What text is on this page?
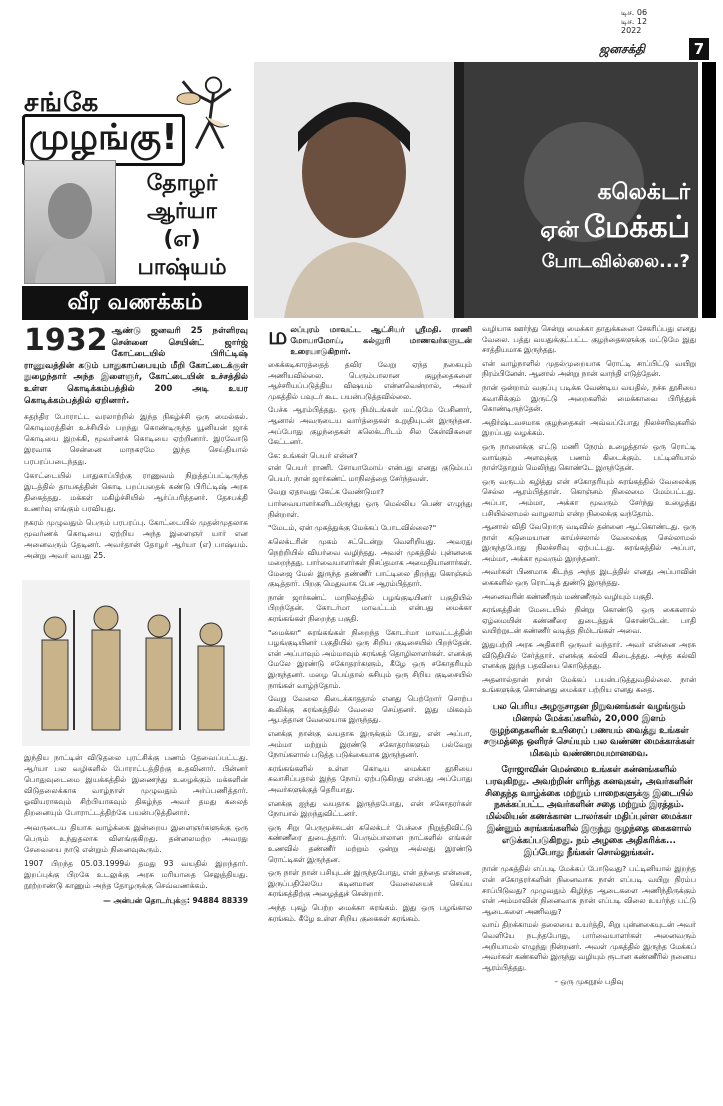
டிச. 06
டிச. 12
2022
ஜனசக்தி	7
சங்கே
முழங்கு!
தோழர்
ஆர்யா
(எ)
பாஷ்யம்
வீர வணக்கம்
1932 ஆண்டு ஜனவரி 25 நள்ளிரவு சென்னை செயின்ட் ஜார்ஜ் கோட்டையில் பிரிட்டிஷ் ராணுவத்தின் கடும் பாதுகாப்பையும் மீறி கோட்டைக்குள் நுழைந்தார் அந்த இளைஞர், கோட்டையின் உச்சத்தில் உள்ள கொடிக்கம்பத்தில் 200 அடி உயர கொடிக்கம்பத்தில் ஏறினார்.

சுதந்திர போராட்ட வரலாற்றில் இந்த நிகழ்ச்சி ஒரு மைல்கல். கொடிமரத்தின் உச்சியில் பறந்து கொண்டிருந்த யூனியன் ஜாக் கொடியை இறக்கி, மூவர்ணக் கொடியை ஏற்றினார். இரவோடு இரவாக சென்னை மாநகரமே இந்த செய்தியால் பரபரப்படைந்தது.

கோட்டையில் பாதுகாப்பிற்கு ராணுவம் நிறுத்தப்பட்டிருந்த இடத்தில் தாயகத்தின் கொடி பறப்பதைக் கண்டு பிரிட்டிஷ் அரசு திகைத்தது. மக்கள் மகிழ்ச்சியில் ஆர்ப்பரித்தனர். தேசபக்தி உணர்வு எங்கும் பரவியது.

நகரம் முழுவதும் பெரும் பரபரப்பு. கோட்டையில் முதன்முதலாக மூவர்ணக் கொடியை ஏற்றிய அந்த இளைஞர் யார் என அனைவரும் தேடினர். அவர்தான் தோழர் ஆர்யா (எ) பாஷ்யம். அன்று அவர் வயது 25.

இந்திய நாட்டின் விடுதலை புரட்சிக்கு பணம் தேவைப்பட்டது. ஆர்யா பல வழிகளில் போராட்டத்திற்கு உதவினார். பின்னர் பொதுவுடைமை இயக்கத்தில் இணைந்து உழைக்கும் மக்களின் விடுதலைக்காக வாழ்நாள் முழுவதும் அர்ப்பணித்தார். ஓவியராகவும் சிற்பியாகவும் திகழ்ந்த அவர் தமது கலைத் திறனையும் போராட்டத்திற்கே பயன்படுத்தினார்.

அவருடைய தியாக வாழ்க்கை இன்றைய இளைஞர்களுக்கு ஒரு பெரும் உந்துதலாக விளங்குகிறது. தன்னலமற்ற அவரது சேவையை நாடு என்றும் நினைவுகூரும்.

1907 பிறந்த 05.03.1999ல் தமது 93 வயதில் இறந்தார். இறப்புக்கு பிறகே உடலுக்கு அரசு மரியாதை செலுத்தியது. நூற்றாண்டு காணும் அந்த தோழருக்கு செவ்வணக்கம்.

— அன்பன் தொடர்புக்கு: 94884 88339

கலெக்டர்
ஏன் மேக்கப்
போடவில்லை...?

ம லப்புரம் மாவட்ட ஆட்சியர் ஸ்ரீமதி. ராணி மோயாமோய், கல்லூரி மாணவர்களுடன் உரையாடுகிறார்.

கைக்கடிகாரத்தைத் தவிர வேறு ஏந்த நகையும் அணியவில்லை. பெரும்பாலான குழந்தைகளை ஆச்சரியப்படுத்திய விஷயம் என்னவென்றால், அவர் முகத்தில் பவுடர் கூட பயன்படுத்தவில்லை.

பேச்சு ஆரம்பித்தது. ஒரு நிமிடங்கள் மட்டுமே பேசினார், ஆனால் அவருடைய வார்த்தைகள் உறுதியுடன் இருந்தன. அப்போது குழந்தைகள் கலெக்டரிடம் சில கேள்விகளை கேட்டனர்.

கே: உங்கள் பெயர் என்ன?

என் பெயர் ராணி. சோயாமோய் என்பது எனது குடும்பப் பெயர். நான் ஜார்கண்ட் மாநிலத்தை சேர்ந்தவள்.

வேறு ஏதாவது கேட்க வேண்டுமா?

பார்வையாளர்களிடமிருந்து ஒரு மெல்லிய பெண் எழுந்து நின்றாள்.

"மேடம், ஏன் முகத்துக்கு மேக்கப் போடவில்லை?"

கலெக்டரின் முகம் சட்டென்று வெளிறியது. அவரது நெற்றியில் வியர்வை வழிந்தது. அவள் முகத்தில் புன்னகை மறைந்தது. பார்வையாளர்கள் நிசப்தமாக அமைதியானார்கள். மேஜை மேல் இருந்த தண்ணீர் பாட்டிலை திறந்து கொஞ்சம் குடித்தார். பிறகு மெதுவாக பேச ஆரம்பித்தார்.

நான் ஜார்கண்ட் மாநிலத்தில் பழங்குடியினர் பகுதியில் பிறந்தேன். கோடர்மா மாவட்டம் என்பது மைக்கா சுரங்கங்கள் நிறைந்த பகுதி.

"மைக்கா" சுரங்கங்கள் நிறைந்த கோடர்மா மாவட்டத்தின் பழங்குடியினர் பகுதியில் ஒரு சிறிய குடிசையில் பிறந்தேன். என் அப்பாவும் அம்மாவும் சுரங்கத் தொழிலாளர்கள். எனக்கு மேலே இரண்டு சகோதரர்களும், கீழே ஒரு சகோதரியும் இருந்தனர். மழை பெய்தால் கசியும் ஒரு சிறிய குடிசையில் நாங்கள் வாழ்ந்தோம்.

வேறு வேலை கிடைக்காததால் எனது பெற்றோர் சொற்ப கூலிக்கு சுரங்கத்தில் வேலை செய்தனர். இது மிகவும் ஆபத்தான வேலையாக இருந்தது.

எனக்கு நான்கு வயதாக இருக்கும் போது, என் அப்பா, அம்மா மற்றும் இரண்டு சகோதரர்களும் பல்வேறு நோய்களால் படுத்த படுக்கையாக இருந்தனர்.

சுரங்கங்களில் உள்ள கொடிய மைக்கா தூசியை சுவாசிப்பதால் இந்த நோய் ஏற்படுகிறது என்பது அப்போது அவர்களுக்குத் தெரியாது.

எனக்கு ஐந்து வயதாக இருந்தபோது, என் சகோதரர்கள் நோயால் இறந்துவிட்டனர்.

ஒரு சிறு பெருமூச்சுடன் கலெக்டர் பேச்சை நிறுத்திவிட்டு கண்ணீரை துடைத்தார். பெரும்பாலான நாட்களில் எங்கள் உணவில் தண்ணீர் மற்றும் ஒன்று அல்லது இரண்டு ரொட்டிகள் இருந்தன.

ஒரு நாள் நான் பசியுடன் இருந்தபோது, என் தந்தை என்னை, இருப்பதிலேயே கடினமான வேலையைச் செய்ய சுரங்கத்திற்கு அழைத்துச் சென்றார்.

அந்த புகழ் பெற்ற மைக்கா சுரங்கம். இது ஒரு பழங்கால சுரங்கம். கீழே உள்ள சிறிய குகைகள் சுரங்கம்.

வழியாக ஊர்ந்து சென்று மைக்கா தாதுக்களை சேகரிப்பது எனது வேலை. பத்து வயதுக்குட்பட்ட குழந்தைகளுக்கு மட்டுமே இது சாத்தியமாக இருந்தது.

என் வாழ்நாளில் முதல்முறையாக ரொட்டி சாப்பிட்டு வயிறு நிரம்பினேன். ஆனால் அன்று நான் வாந்தி எடுத்தேன்.

நான் ஒன்றாம் வகுப்பு படிக்க வேண்டிய வயதில், நச்சு தூசியை சுவாசிக்கும் இருட்டு அறைகளில் மைக்காவை பிரித்துக் கொண்டிருந்தேன்.

அதிர்ஷ்டவசமாக குழந்தைகள் அவ்வப்போது நிலச்சரிவுகளில் இறப்பது வழக்கம்.

ஒரு நாளைக்கு எட்டு மணி நேரம் உழைத்தால் ஒரு ரொட்டி வாங்கும் அளவுக்கு பணம் கிடைக்கும். பட்டினியால் நாள்தோறும் மெலிந்து கொண்டே இருந்தேன்.

ஒரு வருடம் கழித்து என் சகோதரியும் சுரங்கத்தில் வேலைக்கு செல்ல ஆரம்பித்தாள். கொஞ்சம் நிலைமை மேம்பட்டது. அப்பா, அம்மா, அக்கா மூவரும் சேர்ந்து உழைத்து பசியில்லாமல் வாழலாம் என்ற நிலைக்கு வந்தோம்.

ஆனால் விதி வேறொரு வடிவில் தன்னை ஆட்கொண்டது. ஒரு நாள் கடுமையான காய்ச்சலால் வேலைக்கு செல்லாமல் இருந்தபோது நிலச்சரிவு ஏற்பட்டது. சுரங்கத்தில் அப்பா, அம்மா, அக்கா மூவரும் இறந்தனர்.

அவர்கள் பிணமாக கிடந்த அந்த இடத்தில் எனது அப்பாவின் கைகளில் ஒரு ரொட்டித் துண்டு இருந்தது.

அனைவரின் கண்ணீரும் மண்ணீரும் வழியும் பகுதி.

சுரங்கத்தின் மேடையில் நின்று கொண்டு ஒரு கைகளால் ஏழ்மையின் கண்ணீரை துடைத்துக் கொண்டேன். பாதி வயிற்றுடன் கண்ணீர் வடித்த நிமிடங்கள் அவை.

இதுபற்றி அரசு அதிகாரி ஒருவர் வந்தார். அவர் என்னை அரசு விடுதியில் சேர்த்தார். எனக்கு கல்வி கிடைத்தது. அந்த கல்வி எனக்கு இந்த பதவியை கொடுத்தது.

அதனால்தான் நான் மேக்கப் பயன்படுத்துவதில்லை. நான் உங்களுக்கு சொன்னது மைக்கா பற்றிய எனது கதை.

பல பெரிய அழகுசாதன நிறுவனங்கள் வழங்கும் மினரல் மேக்கப்களில், 20,000 இளம் குழந்தைகளின் உயிரைப் பணயம் வைத்து உங்கள் சருமத்தை ஒளிரச் செய்யும் பல வண்ண மைக்காக்கள் மிகவும் வண்ணமயமானவை.

ரோஜாவின் மென்மை உங்கள் கன்னங்களில் பரவுகிறது. அவற்றின் எரிந்த கனவுகள், அவர்களின் சிதைந்த வாழ்க்கை மற்றும் பாறைகளுக்கு இடையில் நசுக்கப்பட்ட அவர்களின் சதை மற்றும் இரத்தம். மில்லியன் கணக்கான டாலர்கள் மதிப்புள்ள மைக்கா இன்னும் சுரங்கங்களில் இருந்து குழந்தை கைகளால் எடுக்கப்படுகிறது. நம் அழகை அதிகரிக்க... இப்போது நீங்கள் சொல்லுங்கள்.

நான் முகத்தில் எப்படி மேக்கப் போடுவது? பட்டினியால் இறந்த என் சகோதரர்களின் நினைவாக நான் எப்படி வயிறு நிரம்ப சாப்பிடுவது? முழுவதும் கிழிந்த ஆடைகளை அணிந்திருக்கும் என் அம்மாவின் நினைவாக நான் எப்படி விலை உயர்ந்த பட்டு ஆடைகளை அணிவது?

வாய் திறக்காமல் தலையை உயர்த்தி, சிறு புன்னகையுடன் அவர் வெளியே நடந்தபோது, பார்வையாளர்கள் அனைவரும் அறியாமல் எழுந்து நின்றனர். அவள் முகத்தில் இருந்த மேக்கப் அவர்கள் கண்களில் இருந்து வழியும் ரூடான கண்ணீரில் நனைய ஆரம்பித்தது.

– ஒரு முகநூல் பதிவு
